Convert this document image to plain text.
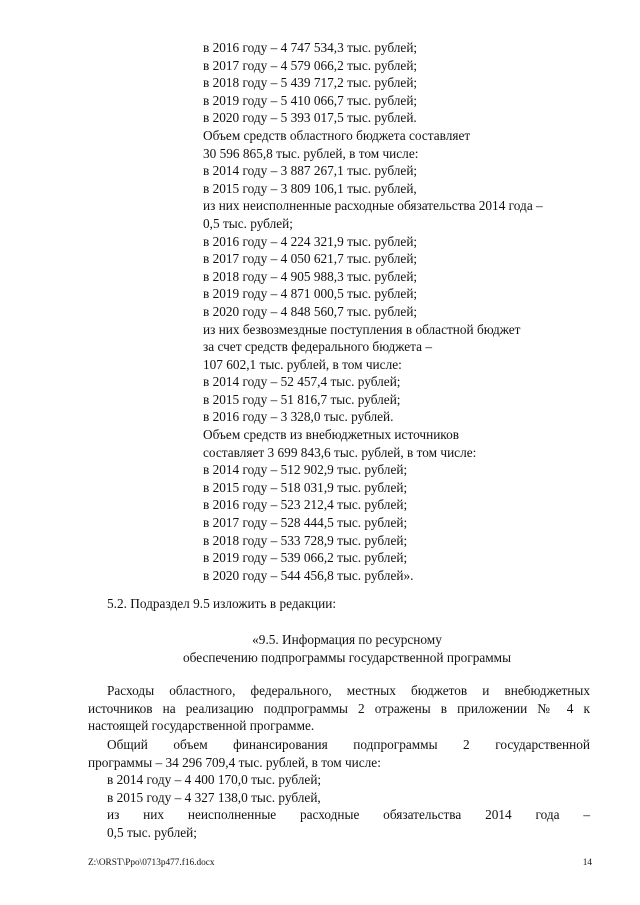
в 2016 году – 4 747 534,3 тыс. рублей;
в 2017 году – 4 579 066,2 тыс. рублей;
в 2018 году – 5 439 717,2 тыс. рублей;
в 2019 году – 5 410 066,7 тыс. рублей;
в 2020 году – 5 393 017,5 тыс. рублей.
Объем средств областного бюджета составляет
30 596 865,8 тыс. рублей, в том числе:
в 2014 году – 3 887 267,1 тыс. рублей;
в 2015 году – 3 809 106,1 тыс. рублей,
из них неисполненные расходные обязательства 2014 года –
0,5 тыс. рублей;
в 2016 году – 4 224 321,9 тыс. рублей;
в 2017 году – 4 050 621,7 тыс. рублей;
в 2018 году – 4 905 988,3 тыс. рублей;
в 2019 году – 4 871 000,5 тыс. рублей;
в 2020 году – 4 848 560,7 тыс. рублей;
из них безвозмездные поступления в областной бюджет
за счет средств федерального бюджета –
107 602,1 тыс. рублей, в том числе:
в 2014 году – 52 457,4 тыс. рублей;
в 2015 году – 51 816,7 тыс. рублей;
в 2016 году – 3 328,0 тыс. рублей.
Объем средств из внебюджетных источников
составляет 3 699 843,6 тыс. рублей, в том числе:
в 2014 году – 512 902,9 тыс. рублей;
в 2015 году – 518 031,9 тыс. рублей;
в 2016 году – 523 212,4 тыс. рублей;
в 2017 году – 528 444,5 тыс. рублей;
в 2018 году – 533 728,9 тыс. рублей;
в 2019 году – 539 066,2 тыс. рублей;
в 2020 году – 544 456,8 тыс. рублей».
5.2. Подраздел 9.5 изложить в редакции:
«9.5. Информация по ресурсному
обеспечению подпрограммы государственной программы
Расходы областного, федерального, местных бюджетов и внебюджетных
источников на реализацию подпрограммы 2 отражены в приложении № 4 к
настоящей государственной программе.
Общий объем финансирования подпрограммы 2 государственной
программы – 34 296 709,4 тыс. рублей, в том числе:
в 2014 году – 4 400 170,0 тыс. рублей;
в 2015 году – 4 327 138,0 тыс. рублей,
из них неисполненные расходные обязательства 2014 года –
0,5 тыс. рублей;
Z:\ORST\Ppo\0713p477.f16.docx	14
